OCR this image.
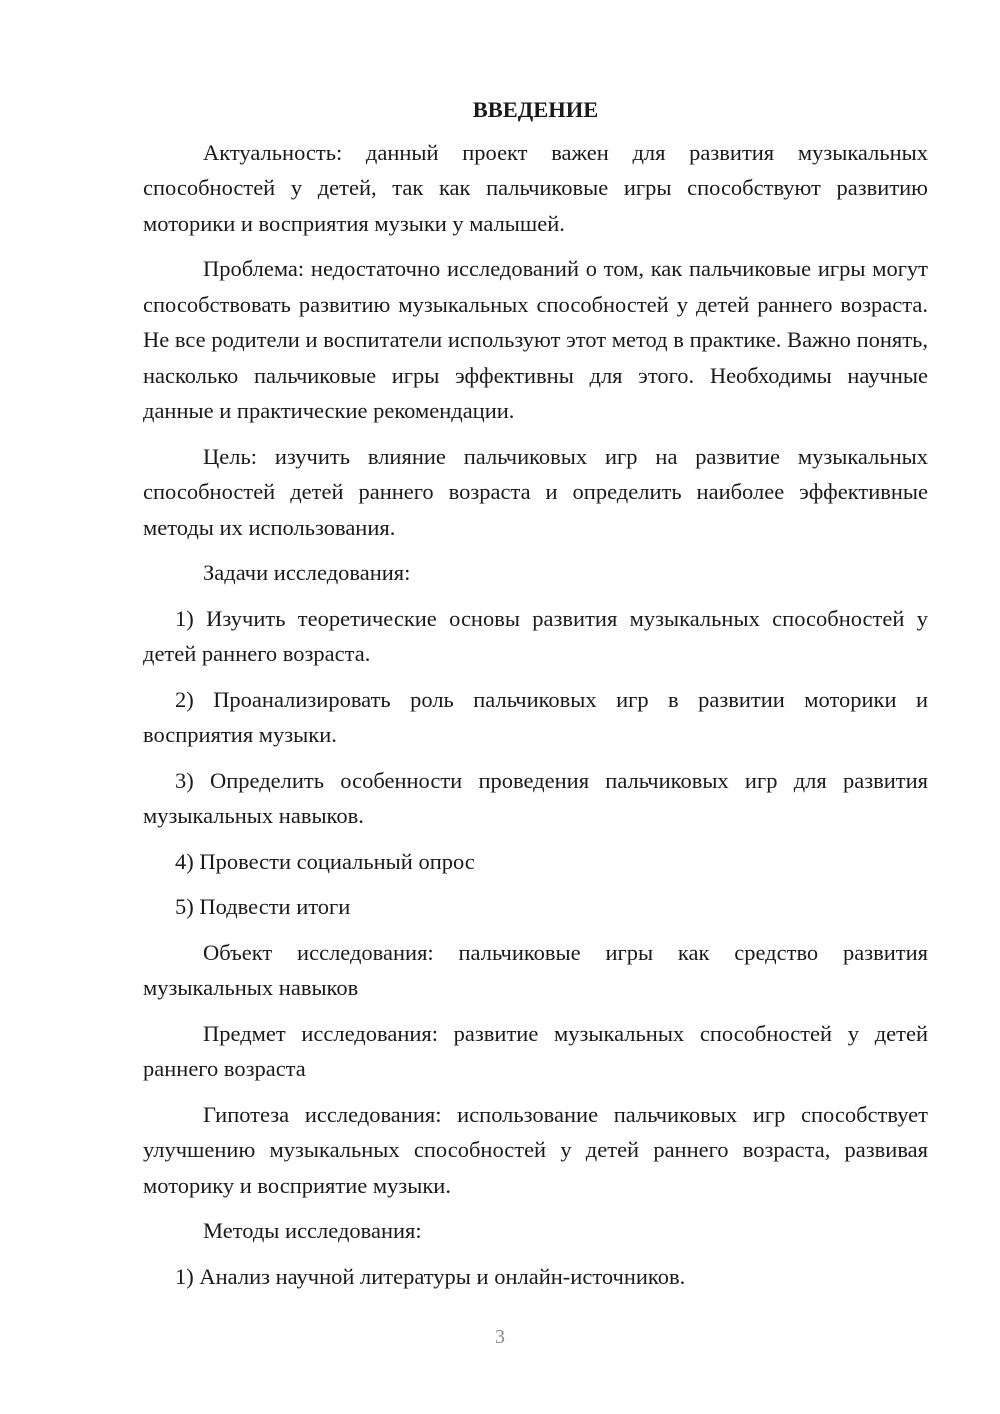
ВВЕДЕНИЕ

Актуальность: данный проект важен для развития музыкальных способностей у детей, так как пальчиковые игры способствуют развитию моторики и восприятия музыки у малышей.

Проблема: недостаточно исследований о том, как пальчиковые игры могут способствовать развитию музыкальных способностей у детей раннего возраста. Не все родители и воспитатели используют этот метод в практике. Важно понять, насколько пальчиковые игры эффективны для этого. Необходимы научные данные и практические рекомендации.

Цель: изучить влияние пальчиковых игр на развитие музыкальных способностей детей раннего возраста и определить наиболее эффективные методы их использования.

Задачи исследования:

1) Изучить теоретические основы развития музыкальных способностей у детей раннего возраста.

2) Проанализировать роль пальчиковых игр в развитии моторики и восприятия музыки.

3) Определить особенности проведения пальчиковых игр для развития музыкальных навыков.

4) Провести социальный опрос

5) Подвести итоги

Объект исследования: пальчиковые игры как средство развития музыкальных навыков

Предмет исследования: развитие музыкальных способностей у детей раннего возраста

Гипотеза исследования: использование пальчиковых игр способствует улучшению музыкальных способностей у детей раннего возраста, развивая моторику и восприятие музыки.

Методы исследования:

1) Анализ научной литературы и онлайн-источников.

3
